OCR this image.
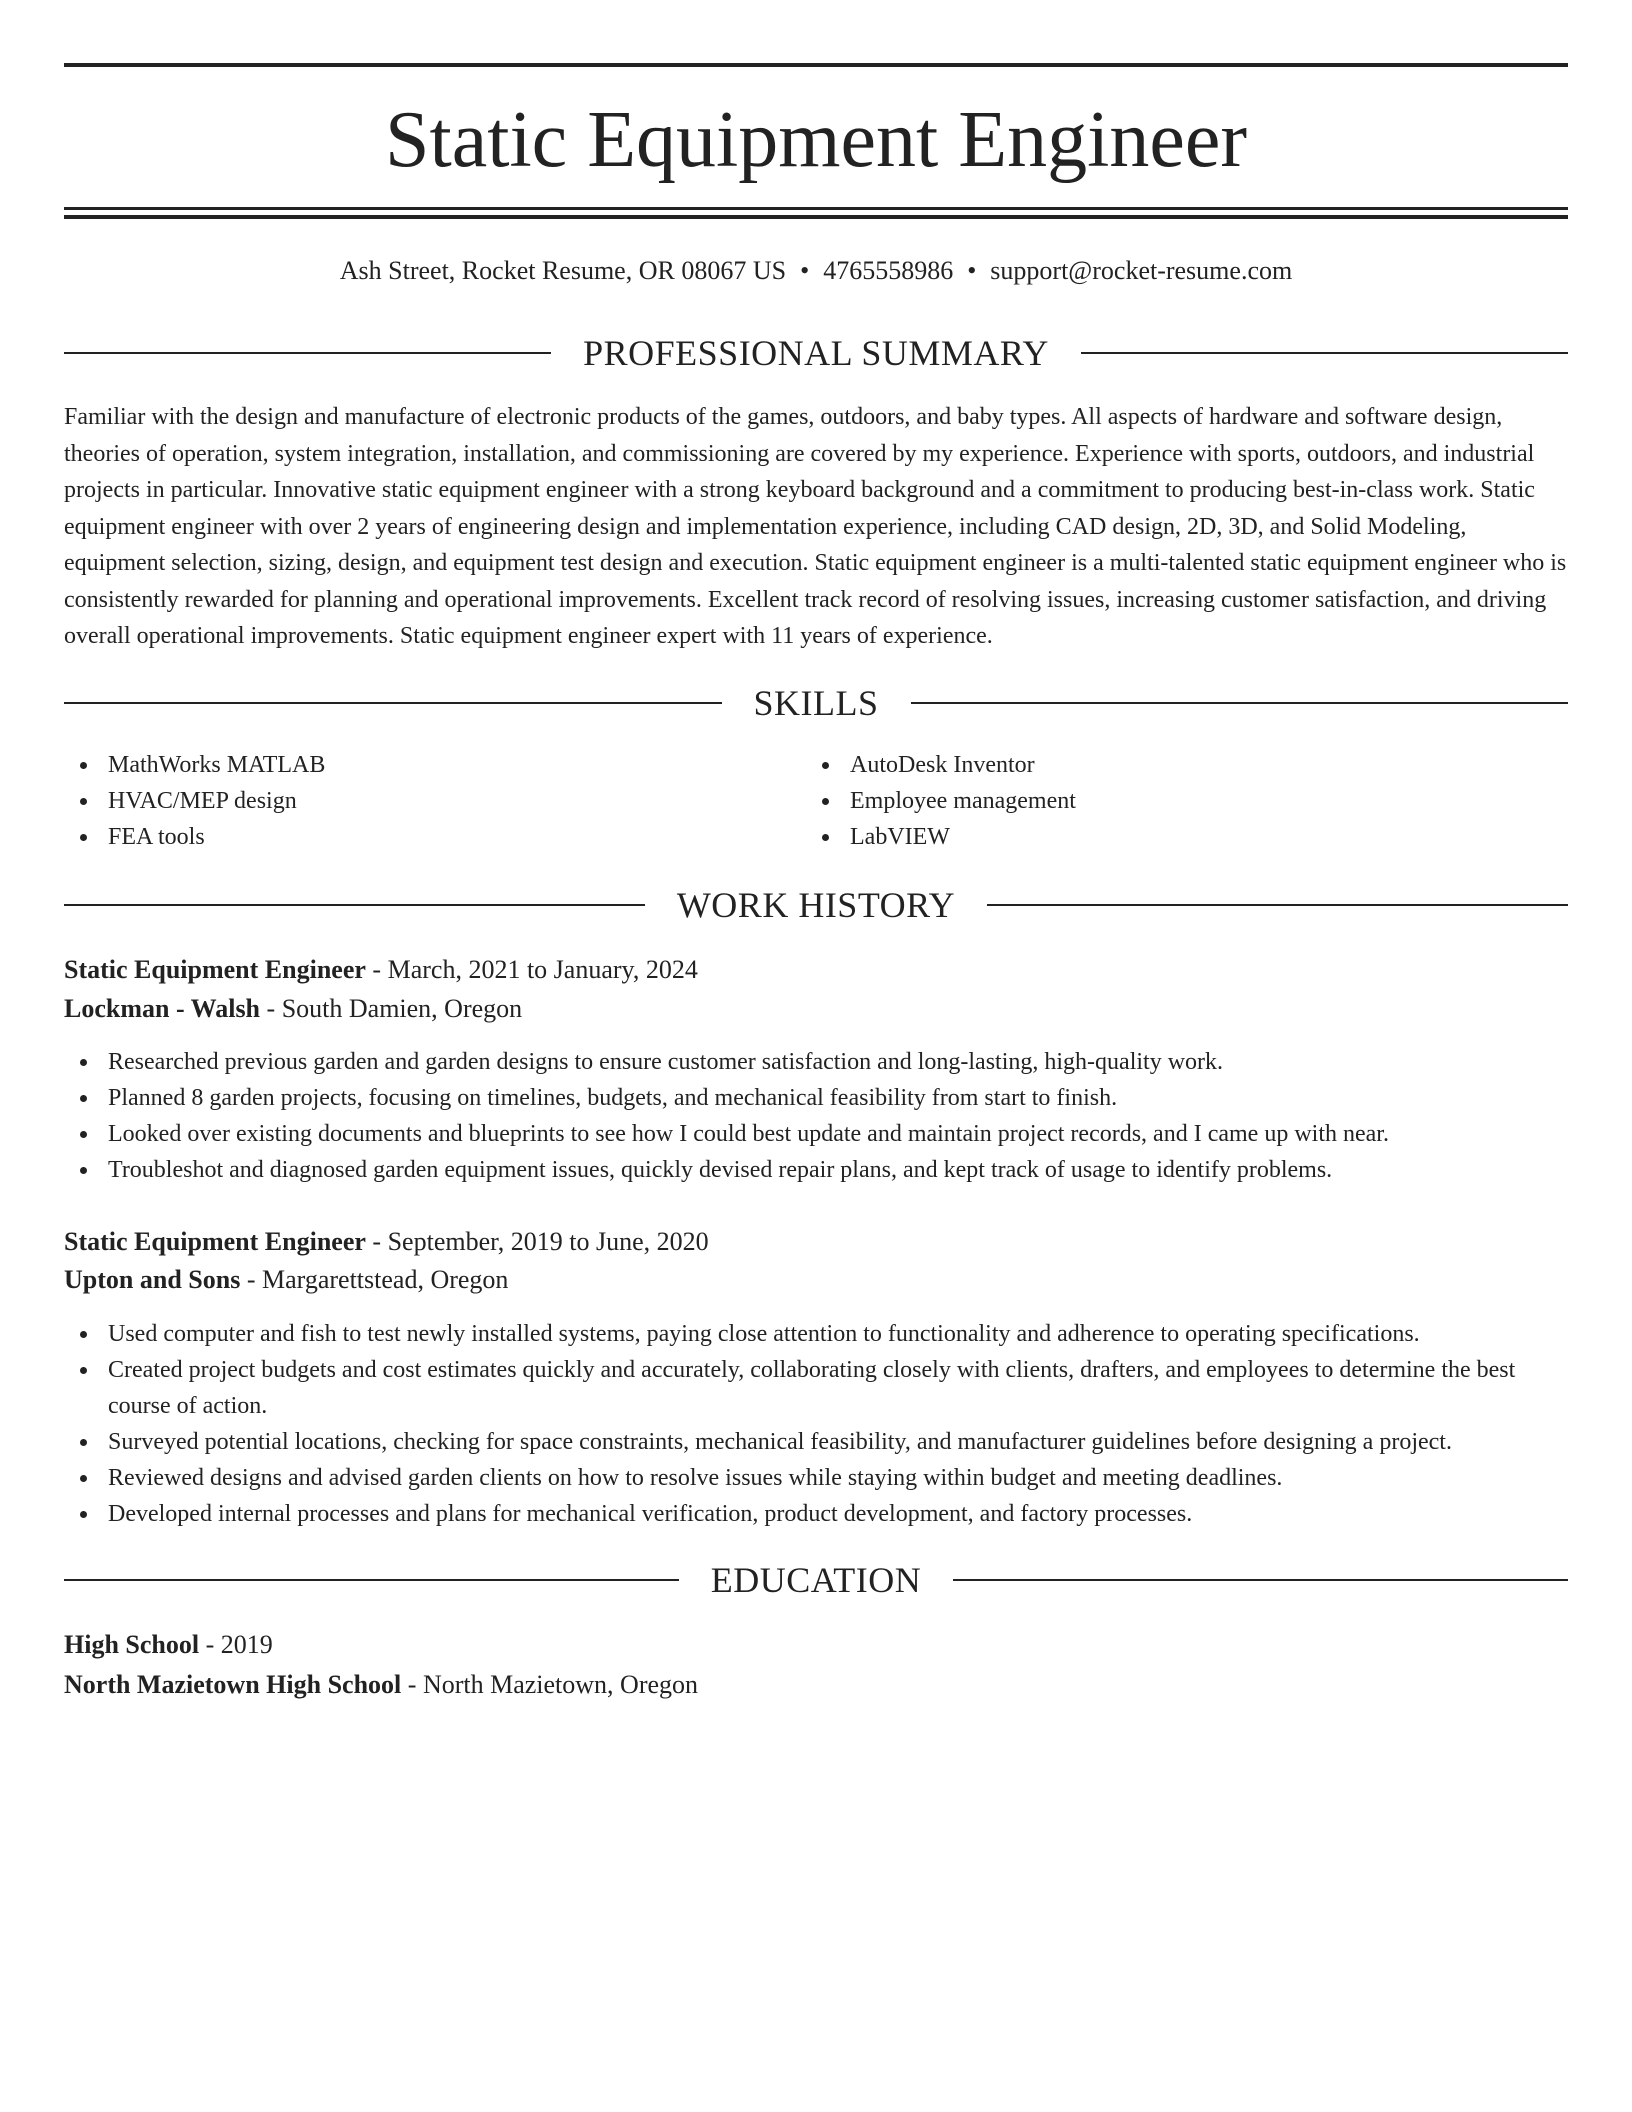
Static Equipment Engineer
Ash Street, Rocket Resume, OR 08067 US • 4765558986 • support@rocket-resume.com
PROFESSIONAL SUMMARY

Familiar with the design and manufacture of electronic products of the games, outdoors, and baby types. All aspects of hardware and software design, theories of operation, system integration, installation, and commissioning are covered by my experience. Experience with sports, outdoors, and industrial projects in particular. Innovative static equipment engineer with a strong keyboard background and a commitment to producing best-in-class work. Static equipment engineer with over 2 years of engineering design and implementation experience, including CAD design, 2D, 3D, and Solid Modeling, equipment selection, sizing, design, and equipment test design and execution. Static equipment engineer is a multi-talented static equipment engineer who is consistently rewarded for planning and operational improvements. Excellent track record of resolving issues, increasing customer satisfaction, and driving overall operational improvements. Static equipment engineer expert with 11 years of experience.

SKILLS
MathWorks MATLAB
HVAC/MEP design
FEA tools
AutoDesk Inventor
Employee management
LabVIEW
WORK HISTORY
Static Equipment Engineer - March, 2021 to January, 2024
Lockman - Walsh - South Damien, Oregon
Researched previous garden and garden designs to ensure customer satisfaction and long-lasting, high-quality work.
Planned 8 garden projects, focusing on timelines, budgets, and mechanical feasibility from start to finish.
Looked over existing documents and blueprints to see how I could best update and maintain project records, and I came up with near.
Troubleshot and diagnosed garden equipment issues, quickly devised repair plans, and kept track of usage to identify problems.
Static Equipment Engineer - September, 2019 to June, 2020
Upton and Sons - Margarettstead, Oregon
Used computer and fish to test newly installed systems, paying close attention to functionality and adherence to operating specifications.
Created project budgets and cost estimates quickly and accurately, collaborating closely with clients, drafters, and employees to determine the best course of action.
Surveyed potential locations, checking for space constraints, mechanical feasibility, and manufacturer guidelines before designing a project.
Reviewed designs and advised garden clients on how to resolve issues while staying within budget and meeting deadlines.
Developed internal processes and plans for mechanical verification, product development, and factory processes.
EDUCATION
High School - 2019
North Mazietown High School - North Mazietown, Oregon
